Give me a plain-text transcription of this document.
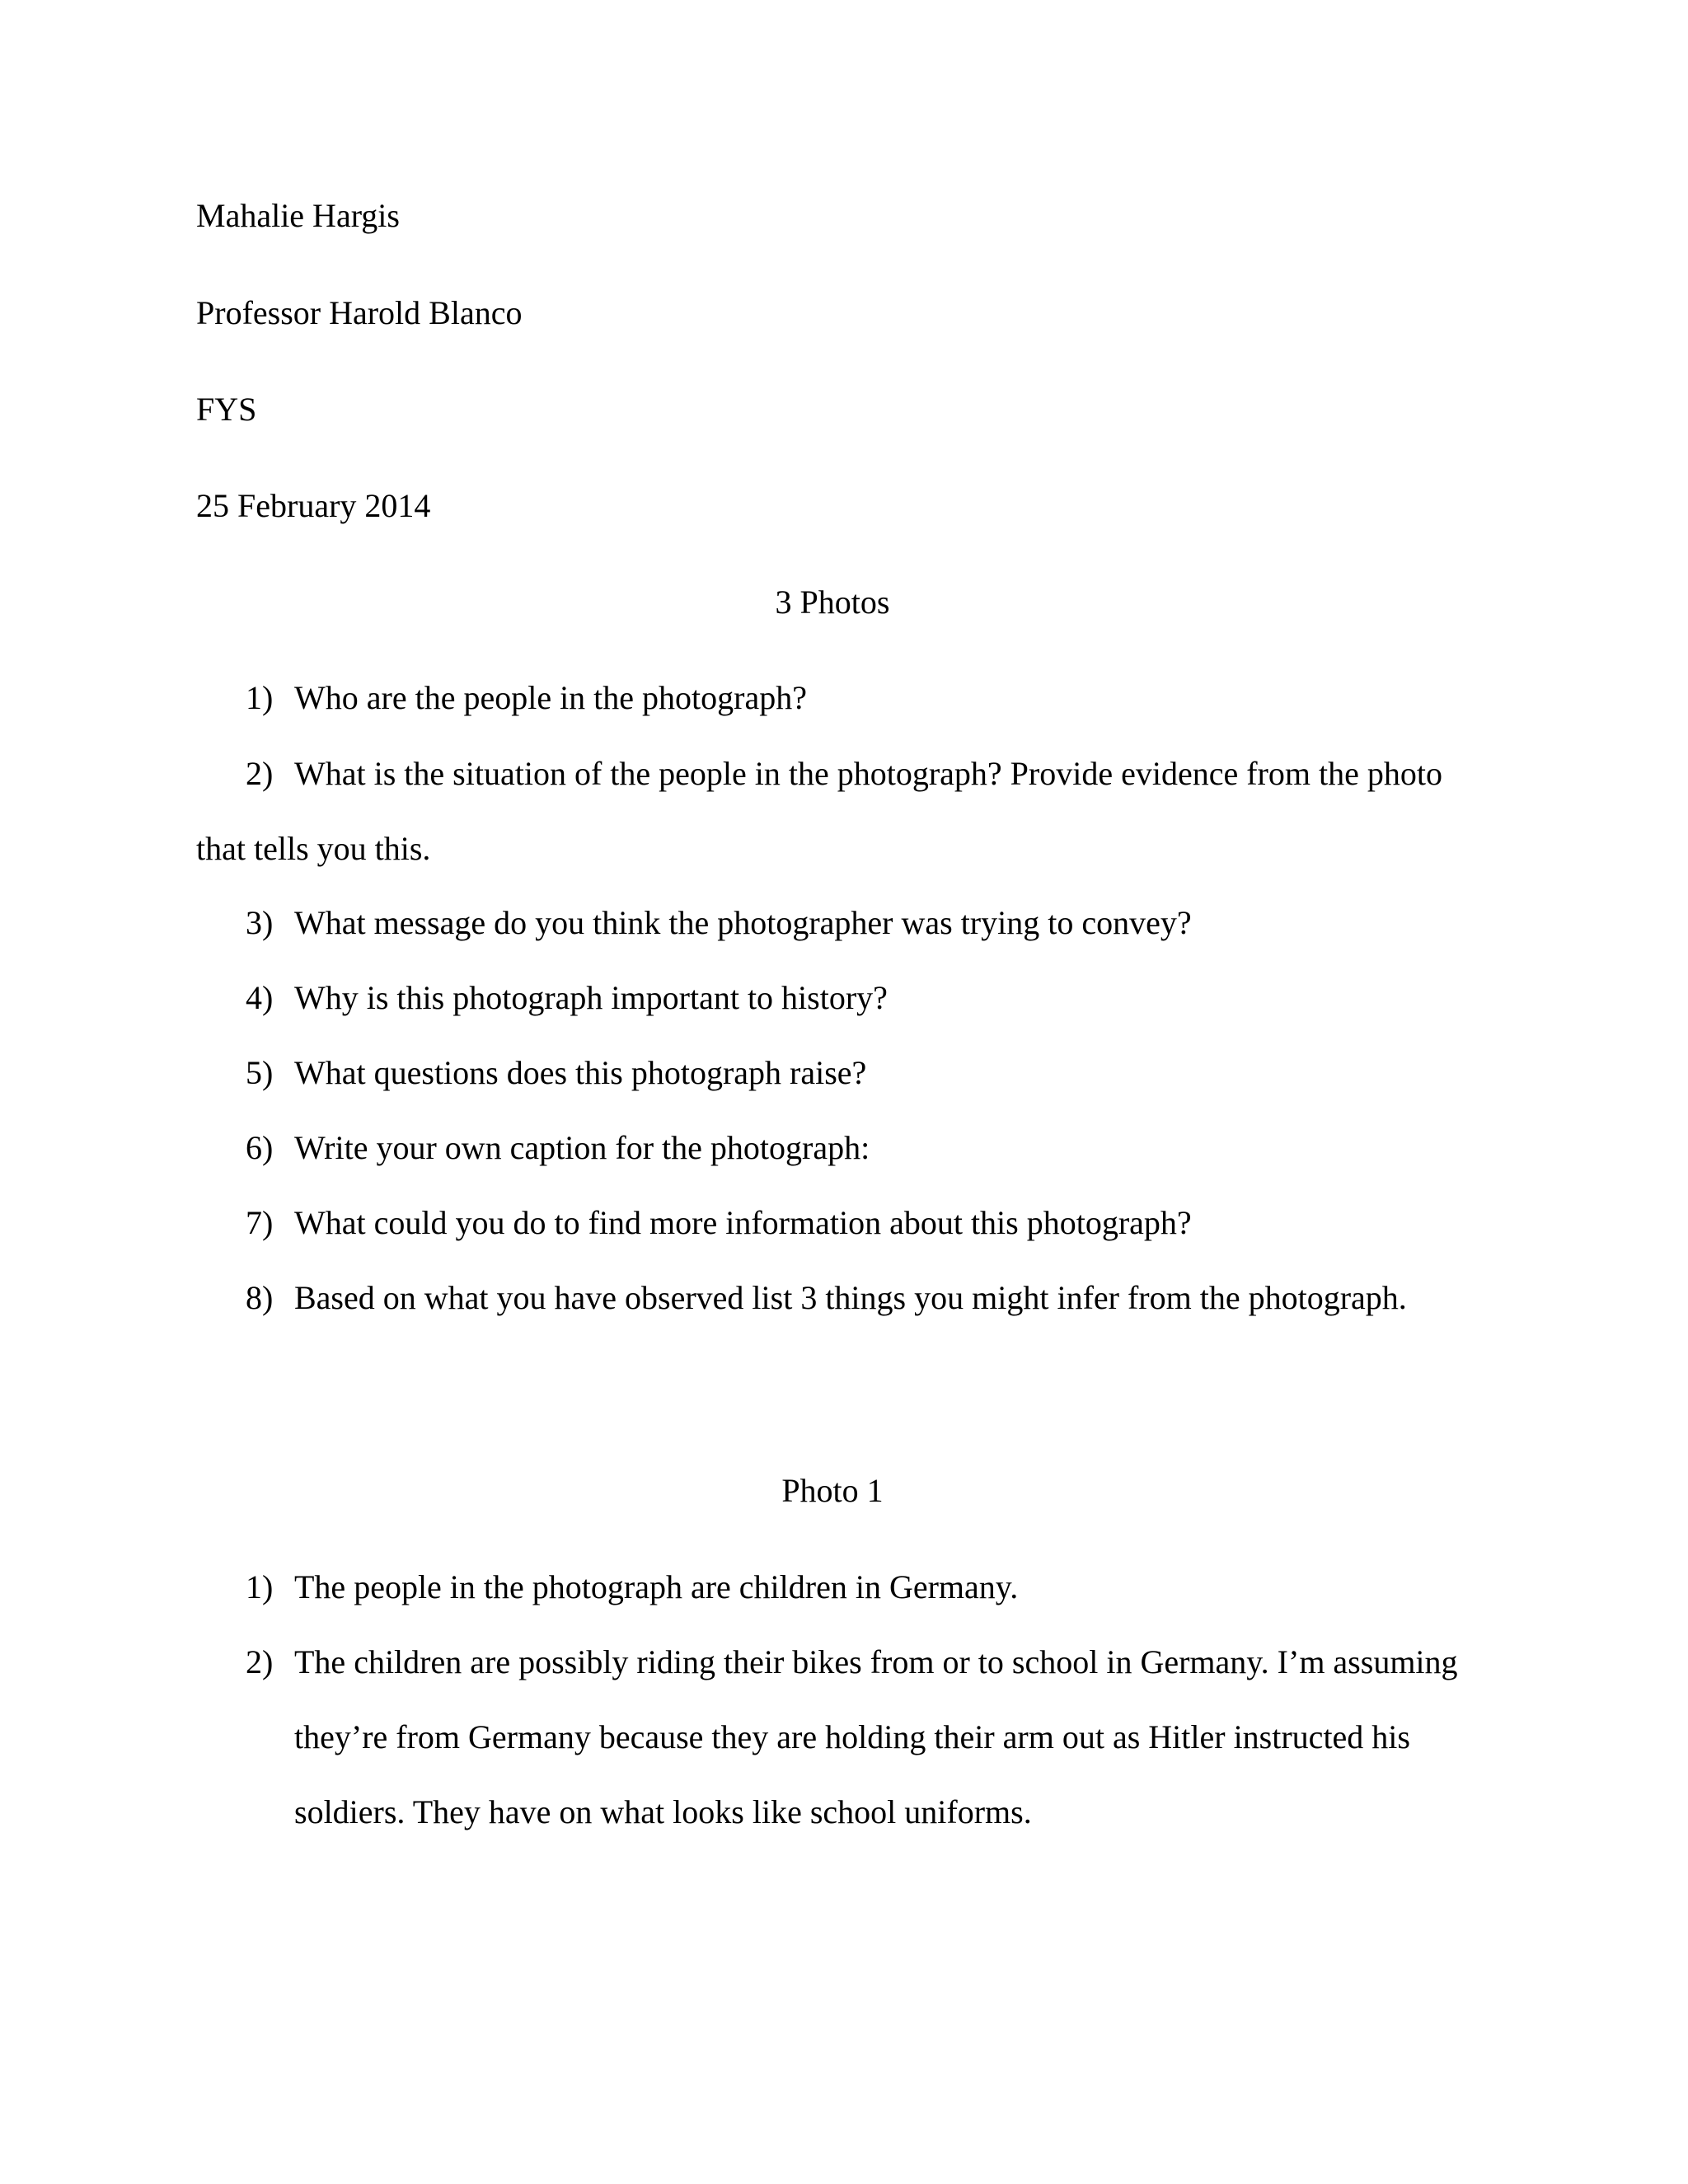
Mahalie Hargis
Professor Harold Blanco
FYS
25 February 2014
3 Photos
1) Who are the people in the photograph?
2) What is the situation of the people in the photograph? Provide evidence from the photo
that tells you this.
3) What message do you think the photographer was trying to convey?
4) Why is this photograph important to history?
5) What questions does this photograph raise?
6) Write your own caption for the photograph:
7) What could you do to find more information about this photograph?
8) Based on what you have observed list 3 things you might infer from the photograph.
Photo 1
1) The people in the photograph are children in Germany.
2) The children are possibly riding their bikes from or to school in Germany. I’m assuming
they’re from Germany because they are holding their arm out as Hitler instructed his
soldiers. They have on what looks like school uniforms.
